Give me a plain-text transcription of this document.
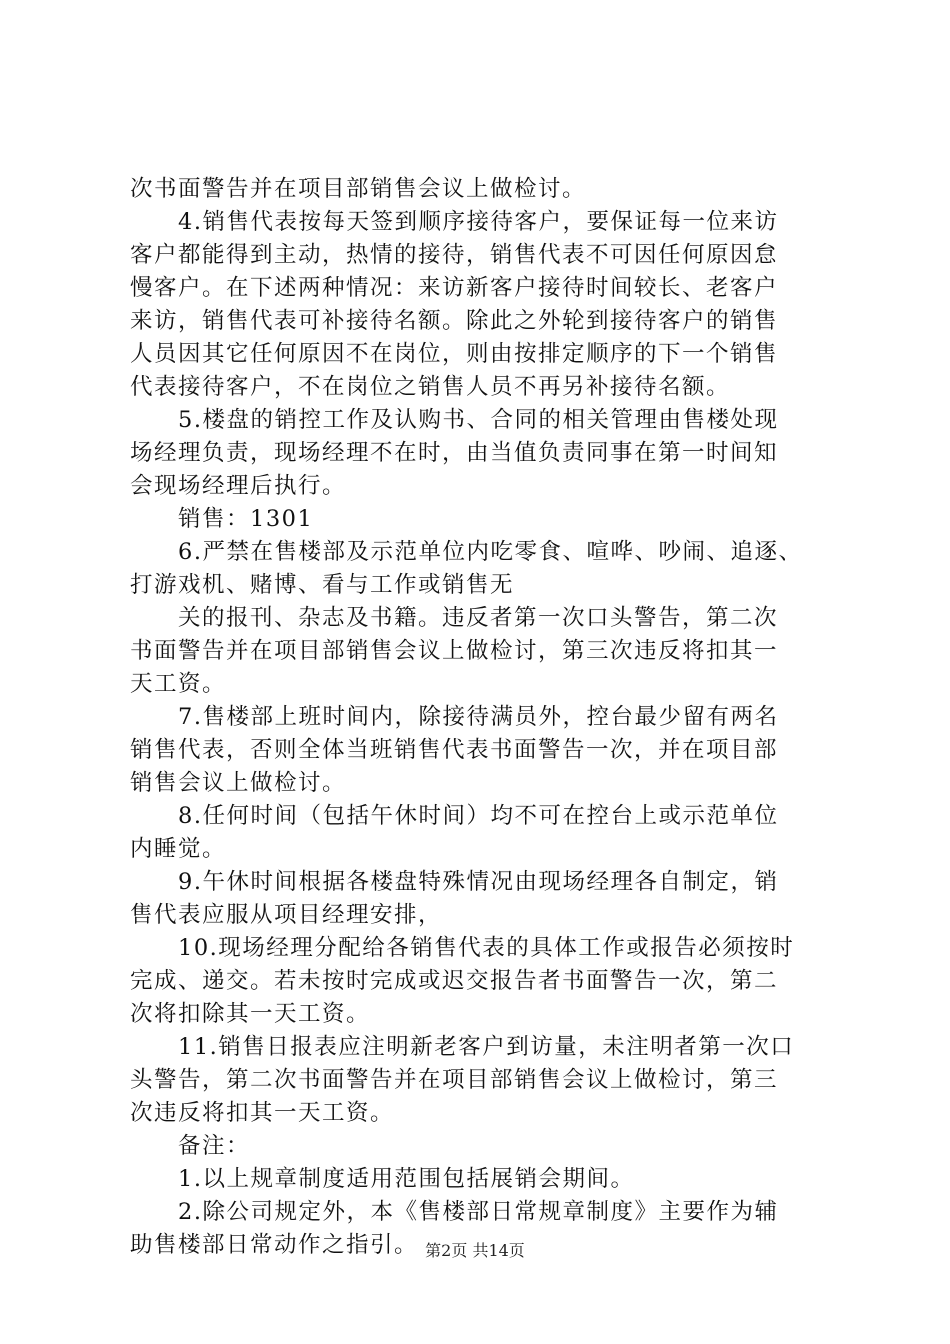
次书面警告并在项目部销售会议上做检讨。
4.销售代表按每天签到顺序接待客户，要保证每一位来访
客户都能得到主动，热情的接待，销售代表不可因任何原因怠
慢客户。在下述两种情况：来访新客户接待时间较长、老客户
来访，销售代表可补接待名额。除此之外轮到接待客户的销售
人员因其它任何原因不在岗位，则由按排定顺序的下一个销售
代表接待客户，不在岗位之销售人员不再另补接待名额。
5.楼盘的销控工作及认购书、合同的相关管理由售楼处现
场经理负责，现场经理不在时，由当值负责同事在第一时间知
会现场经理后执行。
销售：1301
6.严禁在售楼部及示范单位内吃零食、喧哗、吵闹、追逐、
打游戏机、赌博、看与工作或销售无
关的报刊、杂志及书籍。违反者第一次口头警告，第二次
书面警告并在项目部销售会议上做检讨，第三次违反将扣其一
天工资。
7.售楼部上班时间内，除接待满员外，控台最少留有两名
销售代表，否则全体当班销售代表书面警告一次，并在项目部
销售会议上做检讨。
8.任何时间（包括午休时间）均不可在控台上或示范单位
内睡觉。
9.午休时间根据各楼盘特殊情况由现场经理各自制定，销
售代表应服从项目经理安排，
10.现场经理分配给各销售代表的具体工作或报告必须按时
完成、递交。若未按时完成或迟交报告者书面警告一次，第二
次将扣除其一天工资。
11.销售日报表应注明新老客户到访量，未注明者第一次口
头警告，第二次书面警告并在项目部销售会议上做检讨，第三
次违反将扣其一天工资。
备注：
1.以上规章制度适用范围包括展销会期间。
2.除公司规定外，本《售楼部日常规章制度》主要作为辅
助售楼部日常动作之指引。 第2页 共14页
